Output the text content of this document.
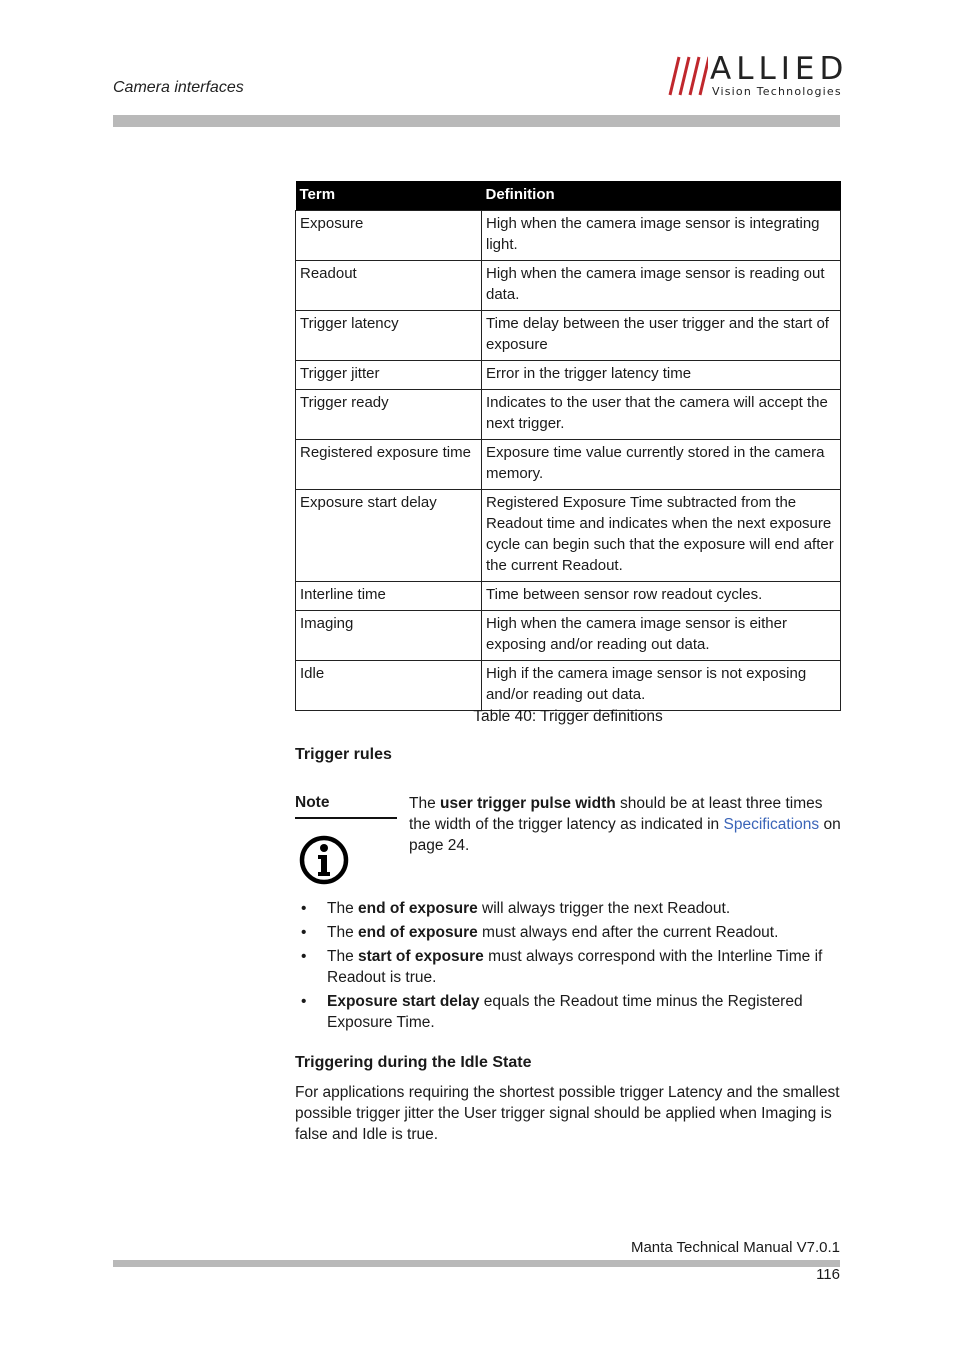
Camera interfaces
ALLIED
Vision Technologies
Term	Definition
Exposure	High when the camera image sensor is integrating light.
Readout	High when the camera image sensor is reading out data.
Trigger latency	Time delay between the user trigger and the start of exposure
Trigger jitter	Error in the trigger latency time
Trigger ready	Indicates to the user that the camera will accept the next trigger.
Registered exposure time	Exposure time value currently stored in the camera memory.
Exposure start delay	Registered Exposure Time subtracted from the Readout time and indicates when the next exposure cycle can begin such that the exposure will end after the current Readout.
Interline time	Time between sensor row readout cycles.
Imaging	High when the camera image sensor is either exposing and/or reading out data.
Idle	High if the camera image sensor is not exposing and/or reading out data.
Table 40: Trigger definitions
Trigger rules
Note	The user trigger pulse width should be at least three times the width of the trigger latency as indicated in Specifications on page 24.
• The end of exposure will always trigger the next Readout.
• The end of exposure must always end after the current Readout.
• The start of exposure must always correspond with the Interline Time if Readout is true.
• Exposure start delay equals the Readout time minus the Registered Exposure Time.
Triggering during the Idle State
For applications requiring the shortest possible trigger Latency and the smallest possible trigger jitter the User trigger signal should be applied when Imaging is false and Idle is true.
Manta Technical Manual V7.0.1
116
